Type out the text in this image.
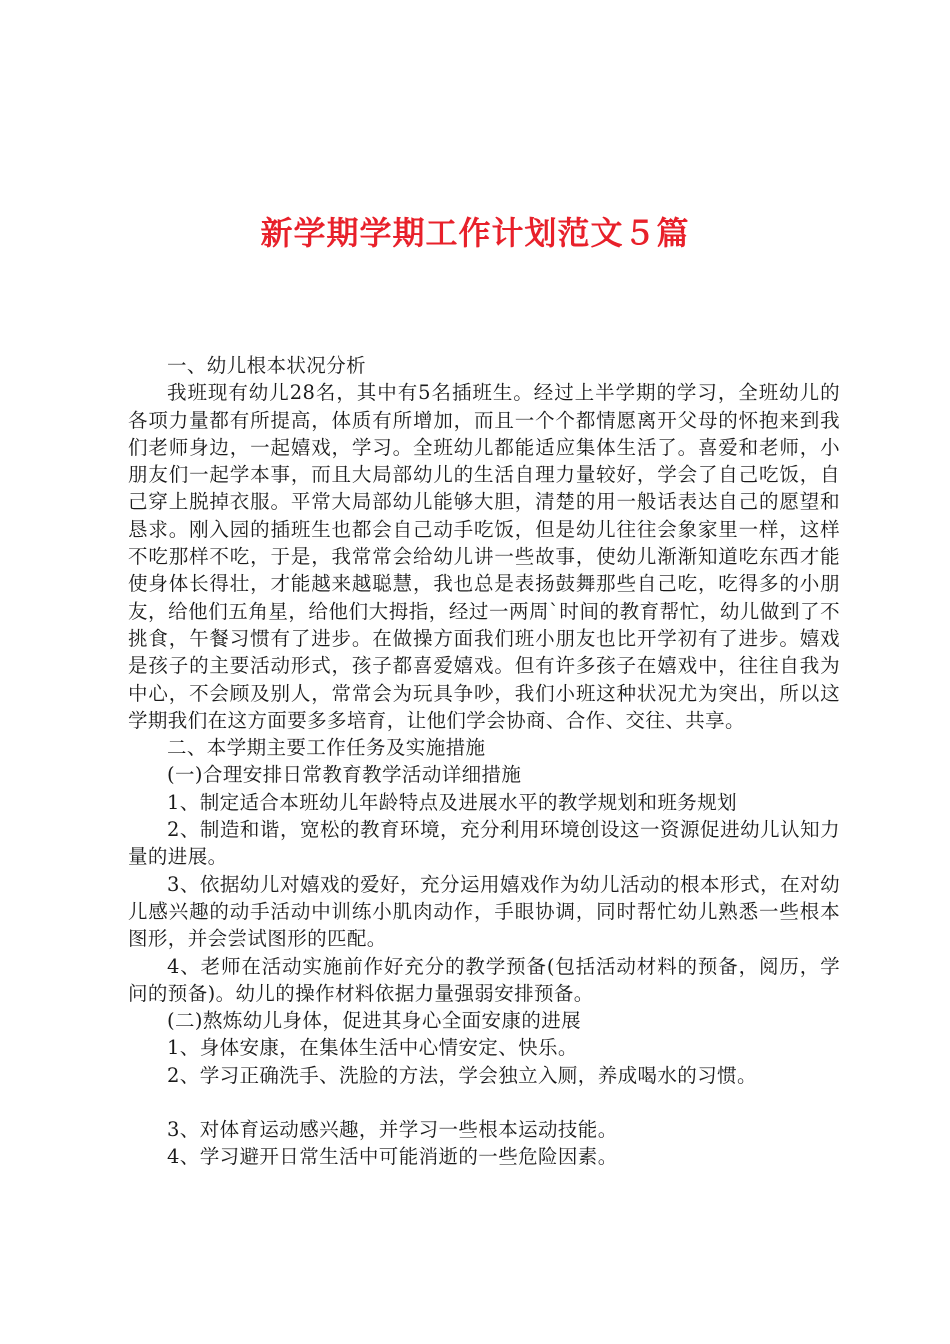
新学期学期工作计划范文５篇

一、幼儿根本状况分析

我班现有幼儿28名，其中有5名插班生。经过上半学期的学习，全班幼儿的各项力量都有所提高，体质有所增加，而且一个个都情愿离开父母的怀抱来到我们老师身边，一起嬉戏，学习。全班幼儿都能适应集体生活了。喜爱和老师，小朋友们一起学本事，而且大局部幼儿的生活自理力量较好，学会了自己吃饭，自己穿上脱掉衣服。平常大局部幼儿能够大胆，清楚的用一般话表达自己的愿望和恳求。刚入园的插班生也都会自己动手吃饭，但是幼儿往往会象家里一样，这样不吃那样不吃，于是，我常常会给幼儿讲一些故事，使幼儿渐渐知道吃东西才能使身体长得壮，才能越来越聪慧，我也总是表扬鼓舞那些自己吃，吃得多的小朋友，给他们五角星，给他们大拇指，经过一两周`时间的教育帮忙，幼儿做到了不挑食，午餐习惯有了进步。在做操方面我们班小朋友也比开学初有了进步。嬉戏是孩子的主要活动形式，孩子都喜爱嬉戏。但有许多孩子在嬉戏中，往往自我为中心，不会顾及别人，常常会为玩具争吵，我们小班这种状况尤为突出，所以这学期我们在这方面要多多培育，让他们学会协商、合作、交往、共享。

二、本学期主要工作任务及实施措施

(一)合理安排日常教育教学活动详细措施

1、制定适合本班幼儿年龄特点及进展水平的教学规划和班务规划

2、制造和谐，宽松的教育环境，充分利用环境创设这一资源促进幼儿认知力量的进展。

3、依据幼儿对嬉戏的爱好，充分运用嬉戏作为幼儿活动的根本形式，在对幼儿感兴趣的动手活动中训练小肌肉动作，手眼协调，同时帮忙幼儿熟悉一些根本图形，并会尝试图形的匹配。

4、老师在活动实施前作好充分的教学预备(包括活动材料的预备，阅历，学问的预备)。幼儿的操作材料依据力量强弱安排预备。

(二)熬炼幼儿身体，促进其身心全面安康的进展

1、身体安康，在集体生活中心情安定、快乐。

2、学习正确洗手、洗脸的方法，学会独立入厕，养成喝水的习惯。

3、对体育运动感兴趣，并学习一些根本运动技能。

4、学习避开日常生活中可能消逝的一些危险因素。
